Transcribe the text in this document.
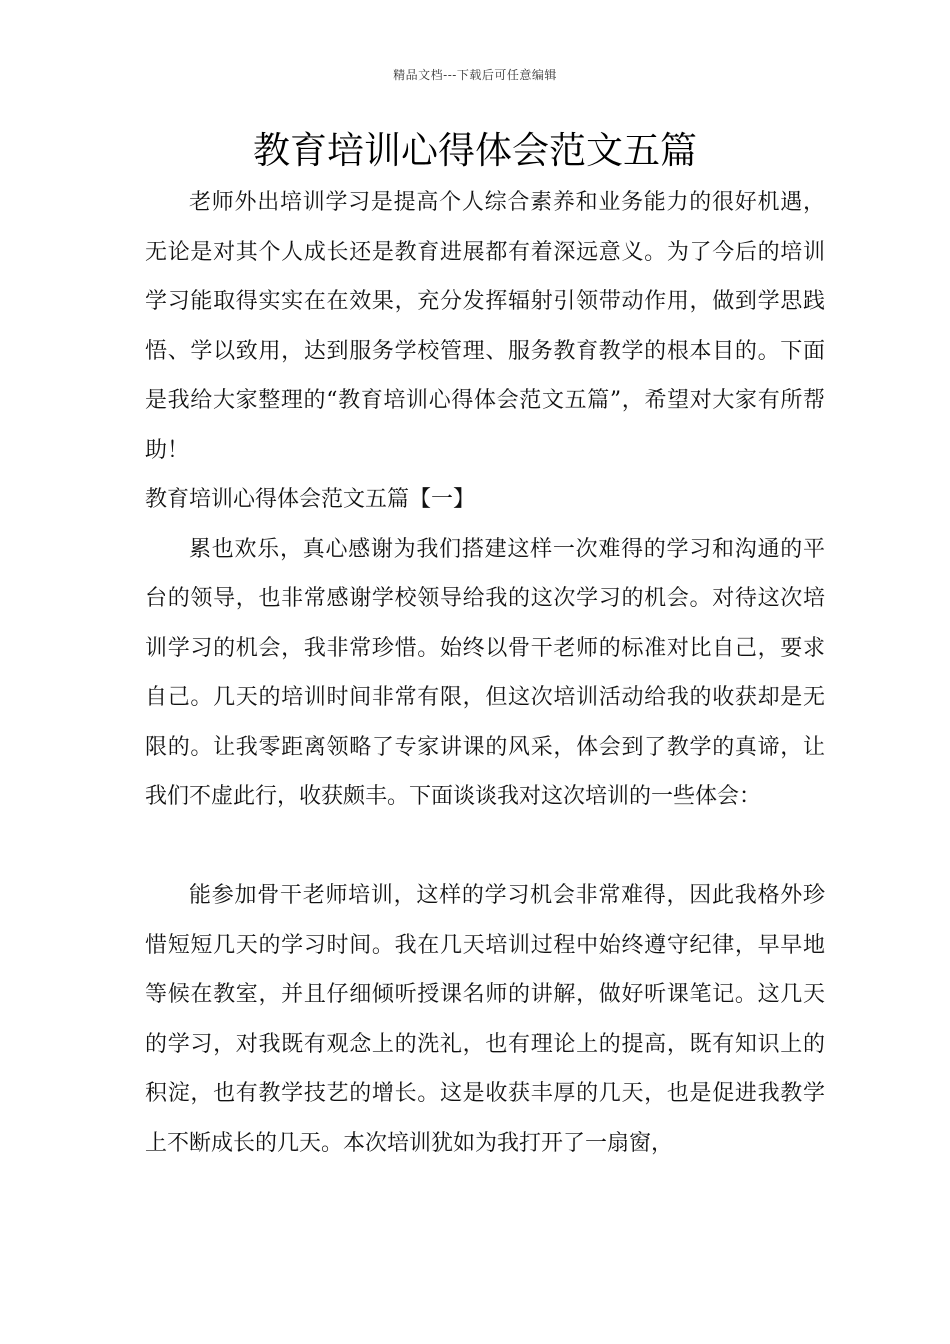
精品文档---下载后可任意编辑
教育培训心得体会范文五篇

老师外出培训学习是提高个人综合素养和业务能力的很好机遇，无论是对其个人成长还是教育进展都有着深远意义。为了今后的培训学习能取得实实在在效果，充分发挥辐射引领带动作用，做到学思践悟、学以致用，达到服务学校管理、服务教育教学的根本目的。下面是我给大家整理的“教育培训心得体会范文五篇”，希望对大家有所帮助！

教育培训心得体会范文五篇【一】

累也欢乐，真心感谢为我们搭建这样一次难得的学习和沟通的平台的领导，也非常感谢学校领导给我的这次学习的机会。对待这次培训学习的机会，我非常珍惜。始终以骨干老师的标准对比自己，要求自己。几天的培训时间非常有限，但这次培训活动给我的收获却是无限的。让我零距离领略了专家讲课的风采，体会到了教学的真谛，让我们不虚此行，收获颇丰。下面谈谈我对这次培训的一些体会：

能参加骨干老师培训，这样的学习机会非常难得，因此我格外珍惜短短几天的学习时间。我在几天培训过程中始终遵守纪律，早早地等候在教室，并且仔细倾听授课名师的讲解，做好听课笔记。这几天的学习，对我既有观念上的洗礼，也有理论上的提高，既有知识上的积淀，也有教学技艺的增长。这是收获丰厚的几天，也是促进我教学上不断成长的几天。本次培训犹如为我打开了一扇窗，
